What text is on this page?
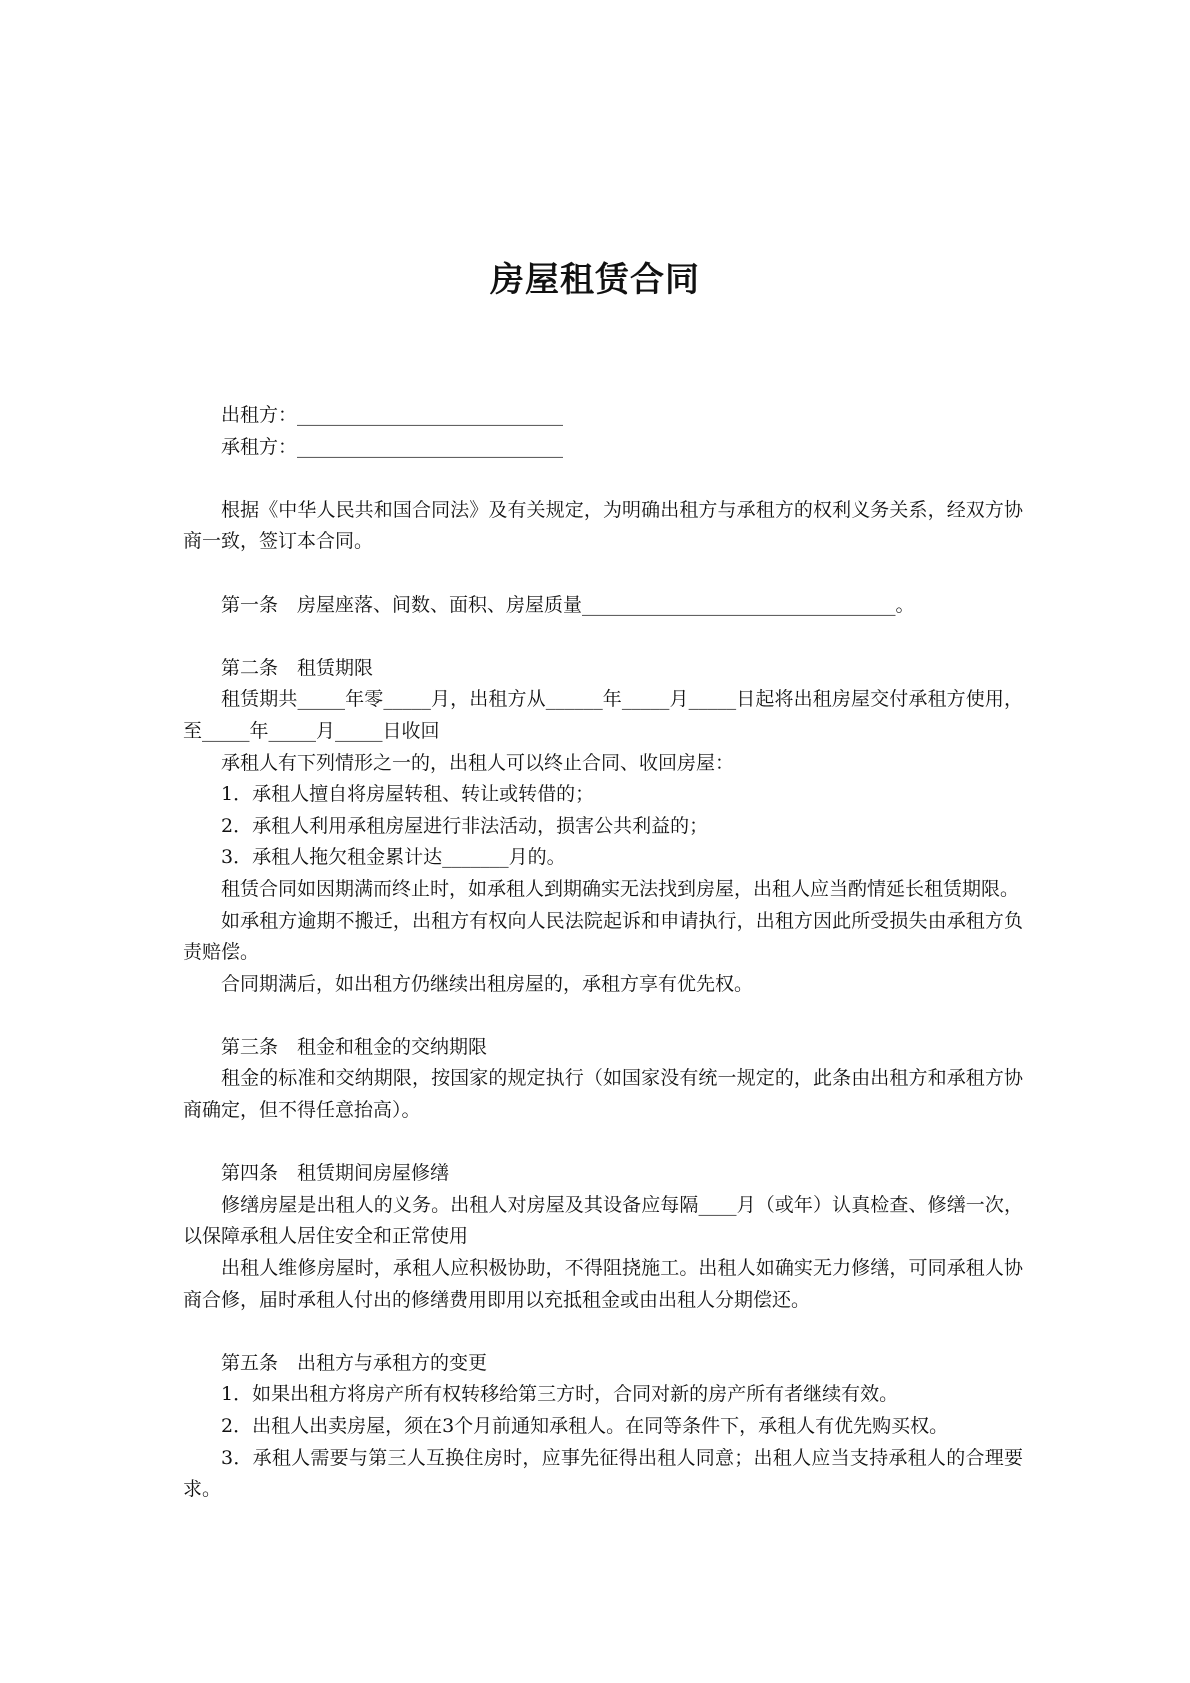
房屋租赁合同

出租方：____________________________

承租方：____________________________

根据《中华人民共和国合同法》及有关规定，为明确出租方与承租方的权利义务关系，经双方协商一致，签订本合同。

第一条　房屋座落、间数、面积、房屋质量_________________________________。

第二条　租赁期限

租赁期共_____年零_____月，出租方从______年_____月_____日起将出租房屋交付承租方使用，至_____年_____月_____日收回

承租人有下列情形之一的，出租人可以终止合同、收回房屋：

1．承租人擅自将房屋转租、转让或转借的；

2．承租人利用承租房屋进行非法活动，损害公共利益的；

3．承租人拖欠租金累计达_______月的。

租赁合同如因期满而终止时，如承租人到期确实无法找到房屋，出租人应当酌情延长租赁期限。

如承租方逾期不搬迁，出租方有权向人民法院起诉和申请执行，出租方因此所受损失由承租方负责赔偿。

合同期满后，如出租方仍继续出租房屋的，承租方享有优先权。

第三条　租金和租金的交纳期限

租金的标准和交纳期限，按国家的规定执行（如国家没有统一规定的，此条由出租方和承租方协商确定，但不得任意抬高）。

第四条　租赁期间房屋修缮

修缮房屋是出租人的义务。出租人对房屋及其设备应每隔____月（或年）认真检查、修缮一次，以保障承租人居住安全和正常使用

出租人维修房屋时，承租人应积极协助，不得阻挠施工。出租人如确实无力修缮，可同承租人协商合修，届时承租人付出的修缮费用即用以充抵租金或由出租人分期偿还。

第五条　出租方与承租方的变更

1．如果出租方将房产所有权转移给第三方时，合同对新的房产所有者继续有效。

2．出租人出卖房屋，须在3个月前通知承租人。在同等条件下，承租人有优先购买权。

3．承租人需要与第三人互换住房时，应事先征得出租人同意；出租人应当支持承租人的合理要求。
